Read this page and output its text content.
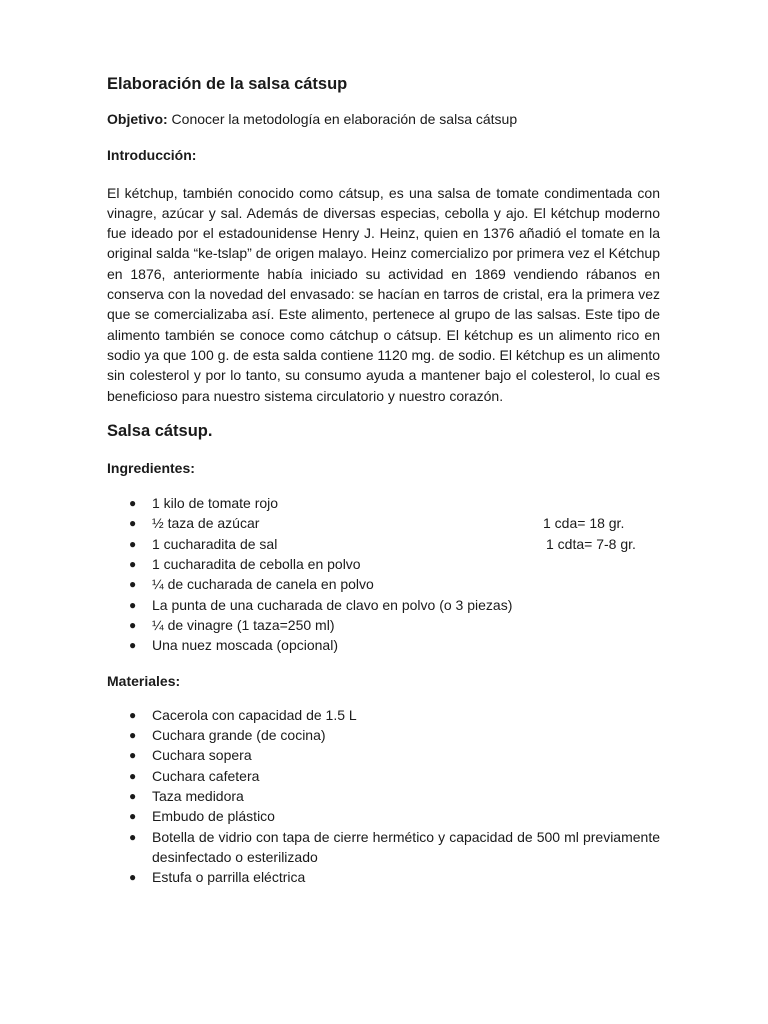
Elaboración de la salsa cátsup
Objetivo: Conocer la metodología en elaboración de salsa cátsup
Introducción:

El kétchup, también conocido como cátsup, es una salsa de tomate condimentada con vinagre, azúcar y sal. Además de diversas especias, cebolla y ajo. El kétchup moderno fue ideado por el estadounidense Henry J. Heinz, quien en 1376 añadió el tomate en la original salda “ke-tslap” de origen malayo. Heinz comercializo por primera vez el Kétchup en 1876, anteriormente había iniciado su actividad en 1869 vendiendo rábanos en conserva con la novedad del envasado: se hacían en tarros de cristal, era la primera vez que se comercializaba así. Este alimento, pertenece al grupo de las salsas. Este tipo de alimento también se conoce como cátchup o cátsup. El kétchup es un alimento rico en sodio ya que 100 g. de esta salda contiene 1120 mg. de sodio. El kétchup es un alimento sin colesterol y por lo tanto, su consumo ayuda a mantener bajo el colesterol, lo cual es beneficioso para nuestro sistema circulatorio y nuestro corazón.

Salsa cátsup.
Ingredientes:
● 1 kilo de tomate rojo
● ½ taza de azúcar	1 cda= 18 gr.
● 1 cucharadita de sal	1 cdta= 7-8 gr.
● 1 cucharadita de cebolla en polvo
● ¼ de cucharada de canela en polvo
● La punta de una cucharada de clavo en polvo (o 3 piezas)
● ¼ de vinagre (1 taza=250 ml)
● Una nuez moscada (opcional)
Materiales:
● Cacerola con capacidad de 1.5 L
● Cuchara grande (de cocina)
● Cuchara sopera
● Cuchara cafetera
● Taza medidora
● Embudo de plástico
● Botella de vidrio con tapa de cierre hermético y capacidad de 500 ml previamente desinfectado o esterilizado
● Estufa o parrilla eléctrica
